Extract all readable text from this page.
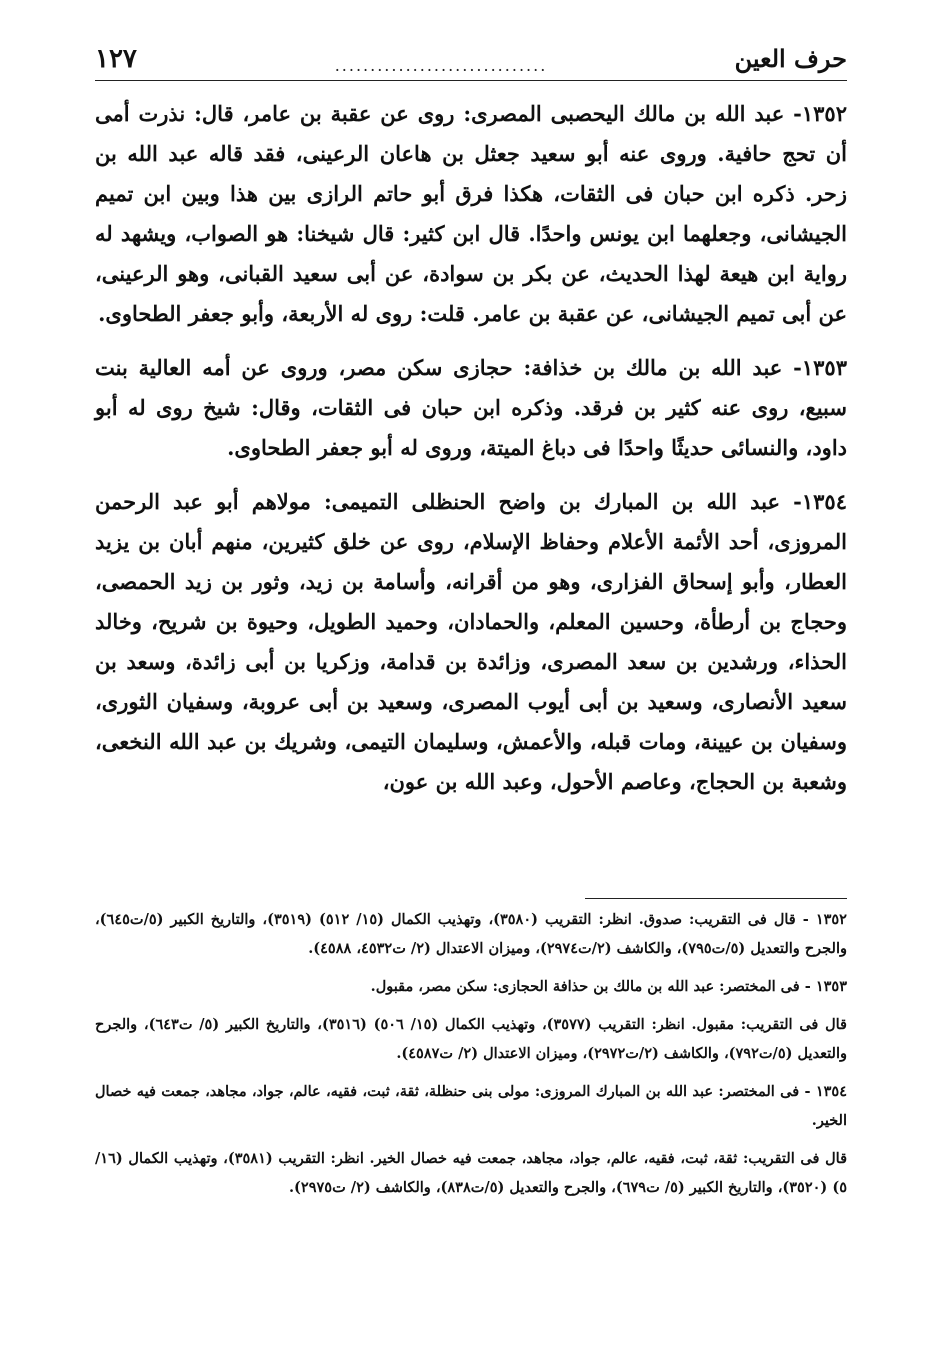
حرف العين
..............................
١٢٧

١٣٥٢- عبد الله بن مالك اليحصبى المصرى: روى عن عقبة بن عامر، قال: نذرت أمى أن تحج حافية. وروى عنه أبو سعيد جعثل بن هاعان الرعينى، فقد قاله عبد الله بن زحر. ذكره ابن حبان فى الثقات، هكذا فرق أبو حاتم الرازى بين هذا وبين ابن تميم الجيشانى، وجعلهما ابن يونس واحدًا. قال ابن كثير: قال شيخنا: هو الصواب، ويشهد له رواية ابن هيعة لهذا الحديث، عن بكر بن سوادة، عن أبى سعيد القبانى، وهو الرعينى، عن أبى تميم الجيشانى، عن عقبة بن عامر. قلت: روى له الأربعة، وأبو جعفر الطحاوى.

١٣٥٣- عبد الله بن مالك بن خذافة: حجازى سكن مصر، وروى عن أمه العالية بنت سبيع، روى عنه كثير بن فرقد. وذكره ابن حبان فى الثقات، وقال: شيخ روى له أبو داود، والنسائى حديثًا واحدًا فى دباغ الميتة، وروى له أبو جعفر الطحاوى.

١٣٥٤- عبد الله بن المبارك بن واضح الحنظلى التميمى: مولاهم أبو عبد الرحمن المروزى، أحد الأئمة الأعلام وحفاظ الإسلام، روى عن خلق كثيرين، منهم أبان بن يزيد العطار، وأبو إسحاق الفزارى، وهو من أقرانه، وأسامة بن زيد، وثور بن زيد الحمصى، وحجاج بن أرطأة، وحسين المعلم، والحمادان، وحميد الطويل، وحيوة بن شريح، وخالد الحذاء، ورشدين بن سعد المصرى، وزائدة بن قدامة، وزكريا بن أبى زائدة، وسعد بن سعيد الأنصارى، وسعيد بن أبى أيوب المصرى، وسعيد بن أبى عروبة، وسفيان الثورى، وسفيان بن عيينة، ومات قبله، والأعمش، وسليمان التيمى، وشريك بن عبد الله النخعى، وشعبة بن الحجاج، وعاصم الأحول، وعبد الله بن عون،

١٣٥٢ - قال فى التقريب: صدوق. انظر: التقريب (٣٥٨٠)، وتهذيب الكمال (١٥/ ٥١٢) (٣٥١٩)، والتاريخ الكبير (٥/ت٦٤٥)، والجرح والتعديل (٥/ت٧٩٥)، والكاشف (٢/ت٢٩٧٤)، وميزان الاعتدال (٢/ ت٤٥٣٢، ٤٥٨٨).

١٣٥٣ - فى المختصر: عبد الله بن مالك بن حذافة الحجازى: سكن مصر، مقبول.

قال فى التقريب: مقبول. انظر: التقريب (٣٥٧٧)، وتهذيب الكمال (١٥/ ٥٠٦) (٣٥١٦)، والتاريخ الكبير (٥/ ت٦٤٣)، والجرح والتعديل (٥/ت٧٩٢)، والكاشف (٢/ت٢٩٧٢)، وميزان الاعتدال (٢/ ت٤٥٨٧).

١٣٥٤ - فى المختصر: عبد الله بن المبارك المروزى: مولى بنى حنظلة، ثقة، ثبت، فقيه، عالم، جواد، مجاهد، جمعت فيه خصال الخير.

قال فى التقريب: ثقة، ثبت، فقيه، عالم، جواد، مجاهد، جمعت فيه خصال الخير. انظر: التقريب (٣٥٨١)، وتهذيب الكمال (١٦/ ٥) (٣٥٢٠)، والتاريخ الكبير (٥/ ت٦٧٩)، والجرح والتعديل (٥/ت٨٣٨)، والكاشف (٢/ ت٢٩٧٥).
